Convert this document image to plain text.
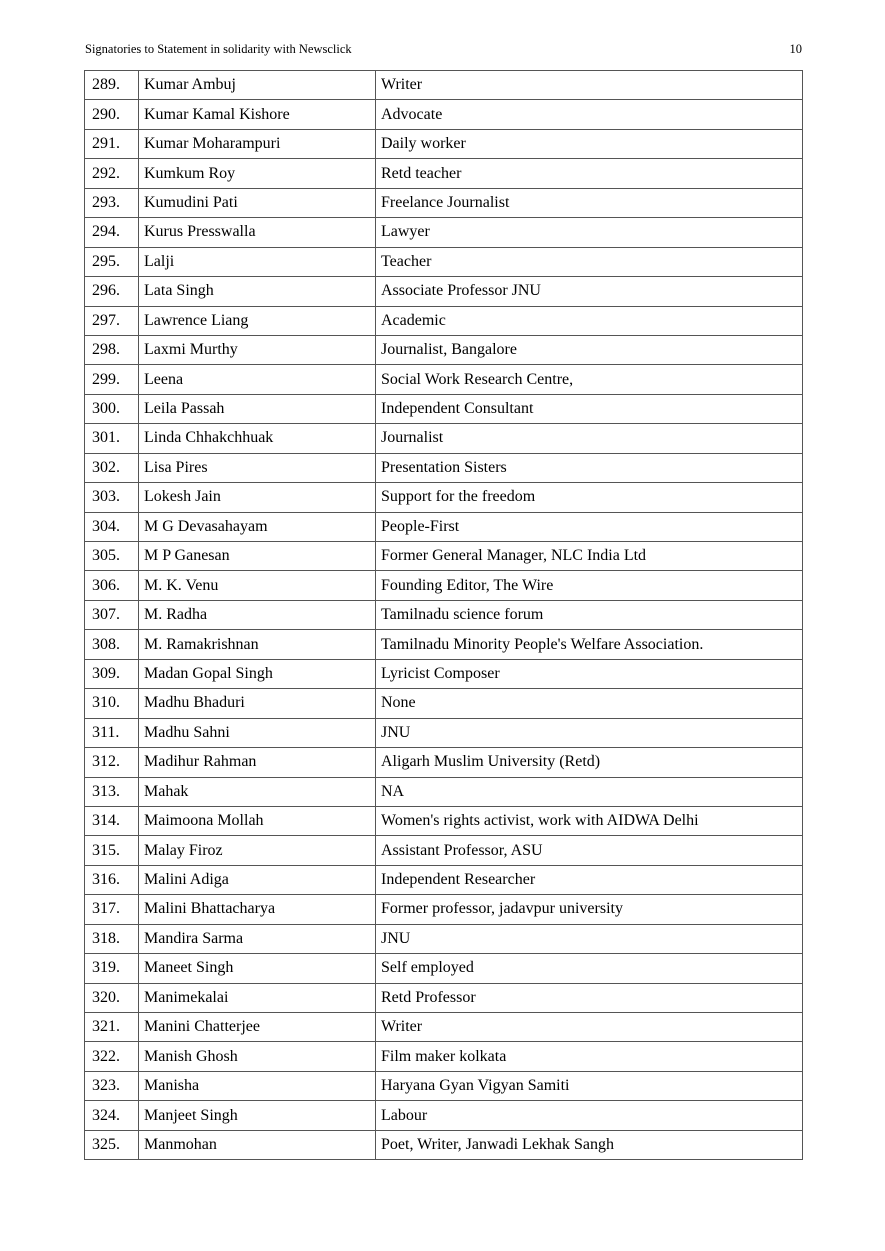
Signatories to Statement in solidarity with Newsclick	10
289.	Kumar Ambuj	Writer
290.	Kumar Kamal Kishore	Advocate
291.	Kumar Moharampuri	Daily worker
292.	Kumkum Roy	Retd teacher
293.	Kumudini Pati	Freelance Journalist
294.	Kurus Presswalla	Lawyer
295.	Lalji	Teacher
296.	Lata Singh	Associate Professor JNU
297.	Lawrence Liang	Academic
298.	Laxmi Murthy	Journalist, Bangalore
299.	Leena	Social Work Research Centre,
300.	Leila Passah	Independent Consultant
301.	Linda Chhakchhuak	Journalist
302.	Lisa Pires	Presentation Sisters
303.	Lokesh Jain	Support for the freedom
304.	M G Devasahayam	People-First
305.	M P Ganesan	Former General Manager, NLC India Ltd
306.	M. K. Venu	Founding Editor, The Wire
307.	M. Radha	Tamilnadu science forum
308.	M. Ramakrishnan	Tamilnadu Minority People's Welfare Association.
309.	Madan Gopal Singh	Lyricist Composer
310.	Madhu Bhaduri	None
311.	Madhu Sahni	JNU
312.	Madihur Rahman	Aligarh Muslim University (Retd)
313.	Mahak	NA
314.	Maimoona Mollah	Women's rights activist, work with AIDWA Delhi
315.	Malay Firoz	Assistant Professor, ASU
316.	Malini Adiga	Independent Researcher
317.	Malini Bhattacharya	Former professor, jadavpur university
318.	Mandira Sarma	JNU
319.	Maneet Singh	Self employed
320.	Manimekalai	Retd Professor
321.	Manini Chatterjee	Writer
322.	Manish Ghosh	Film maker kolkata
323.	Manisha	Haryana Gyan Vigyan Samiti
324.	Manjeet Singh	Labour
325.	Manmohan	Poet, Writer, Janwadi Lekhak Sangh
